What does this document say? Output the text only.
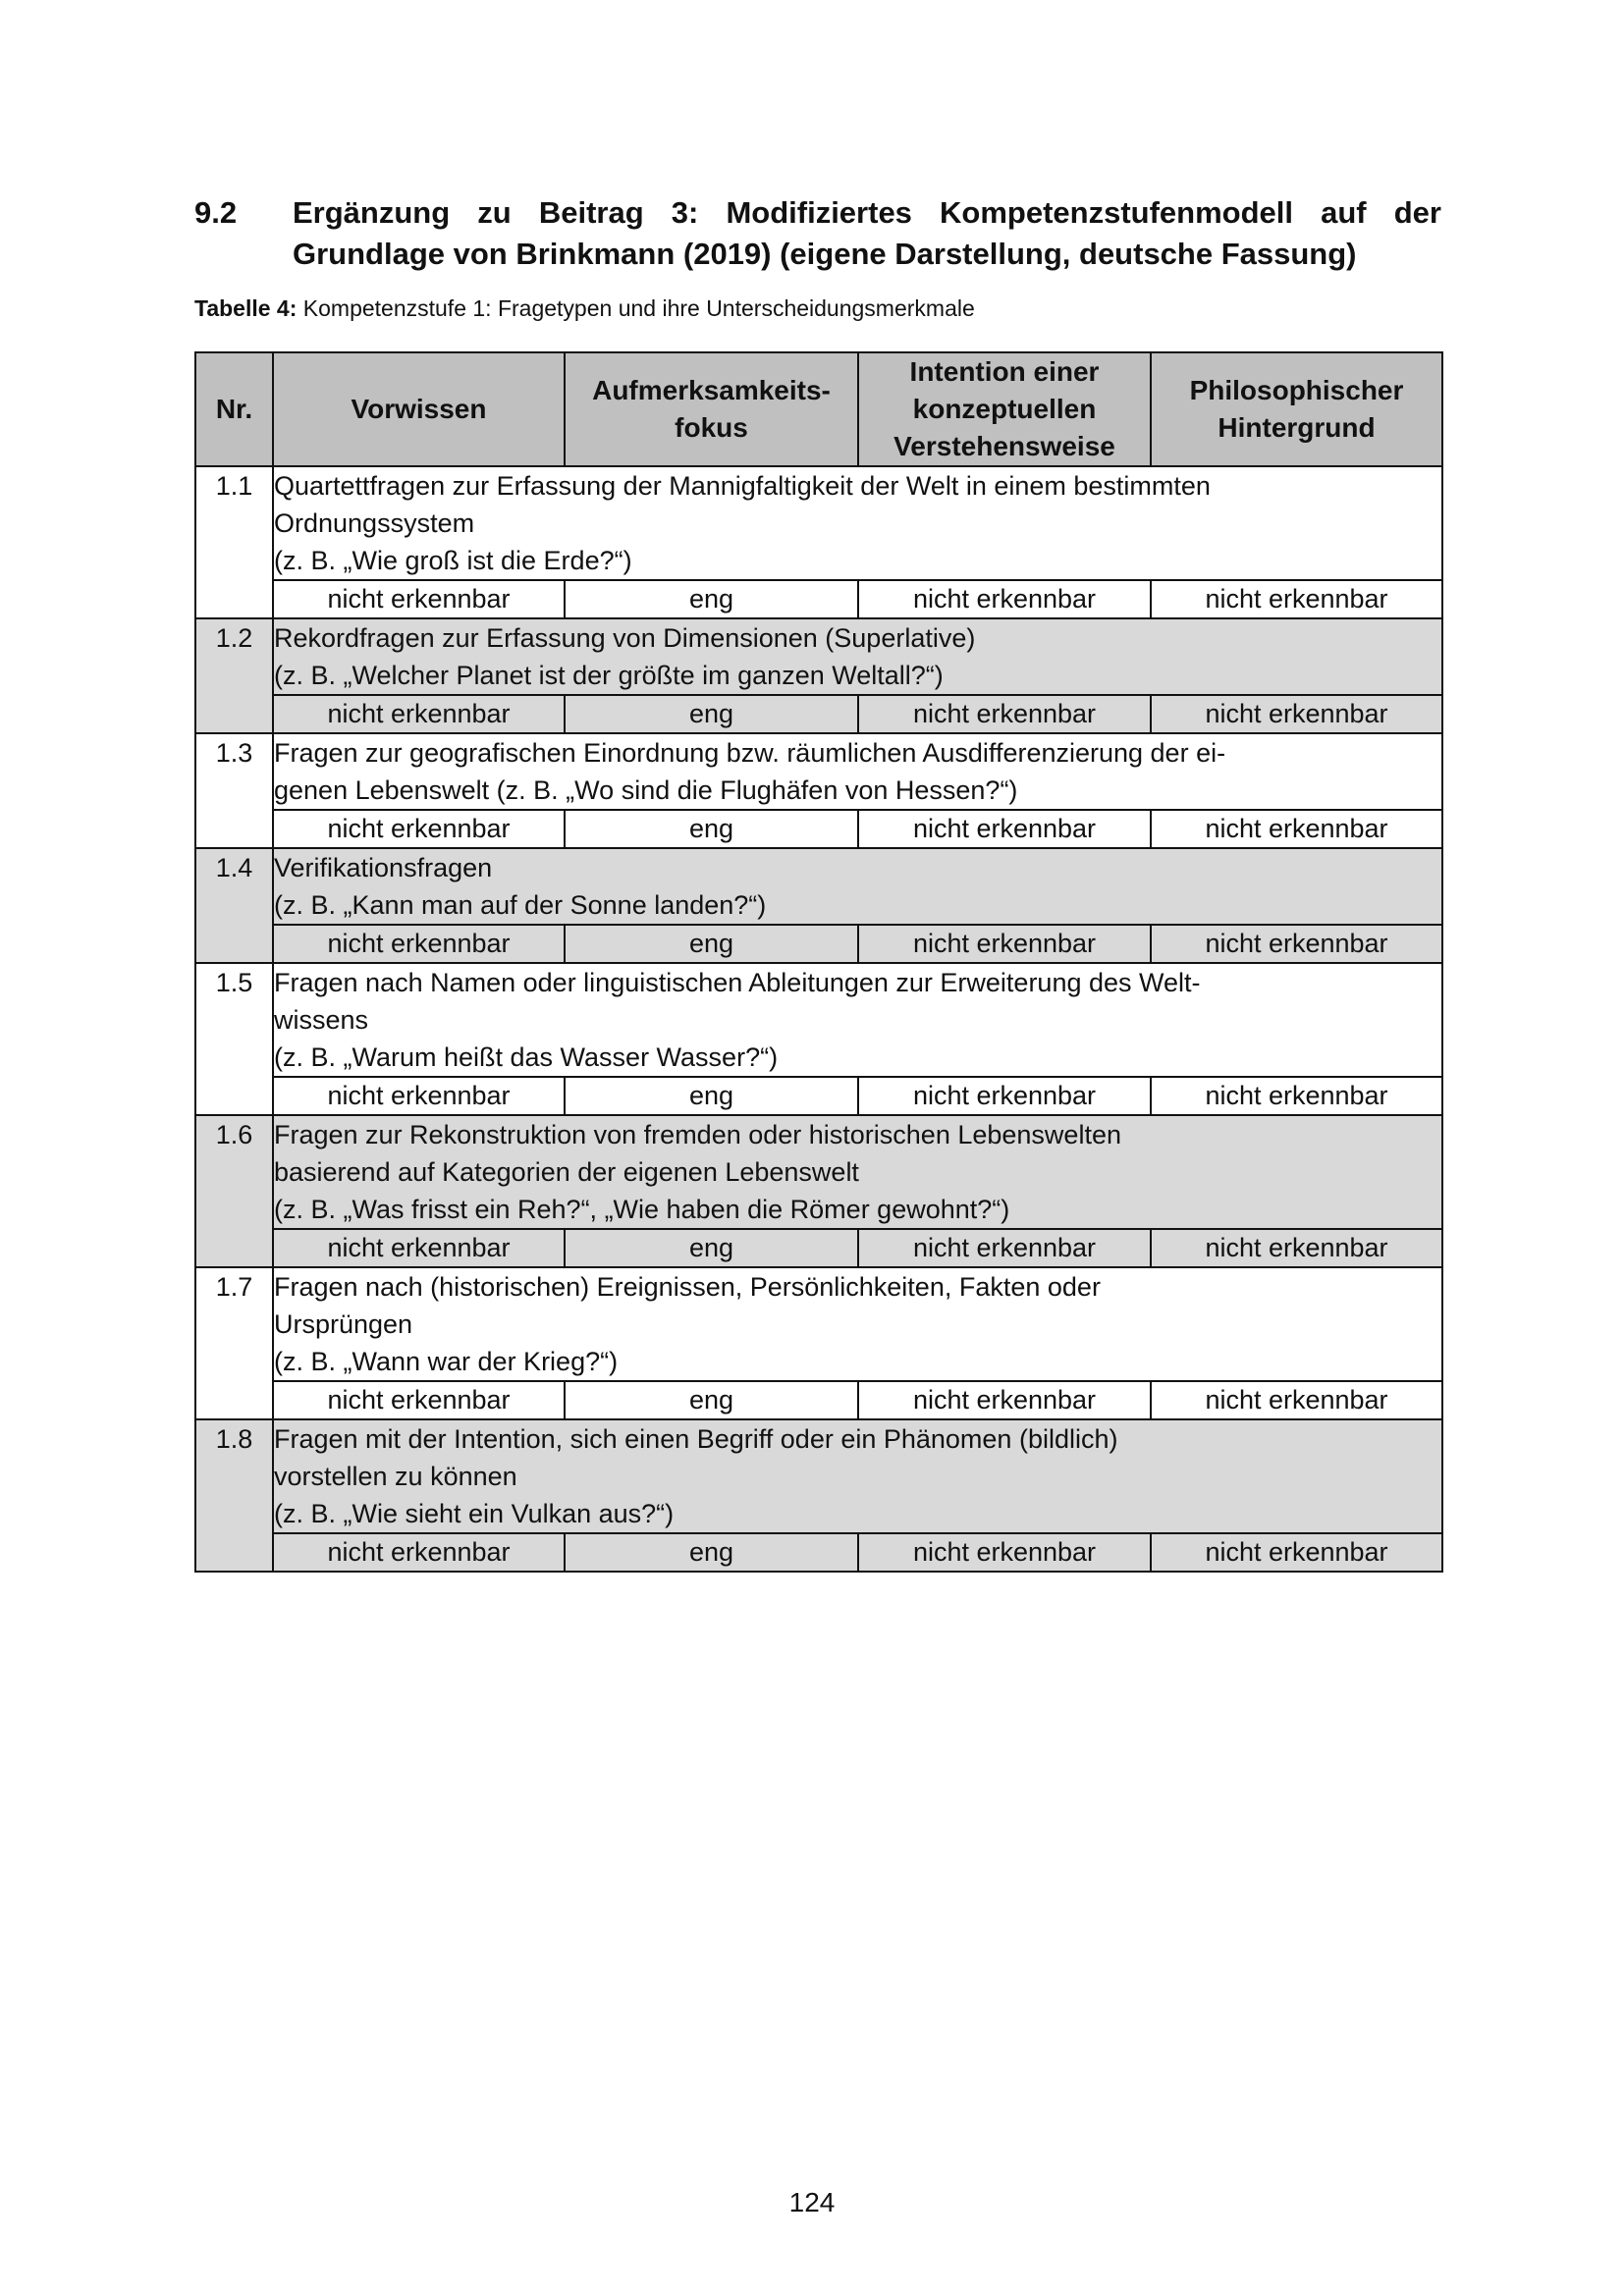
9.2 Ergänzung zu Beitrag 3: Modifiziertes Kompetenzstufenmodell auf der Grundlage von Brinkmann (2019) (eigene Darstellung, deutsche Fassung)
Tabelle 4: Kompetenzstufe 1: Fragetypen und ihre Unterscheidungsmerkmale
Nr.	Vorwissen	Aufmerksamkeits-fokus	Intention einer konzeptuellen Verstehensweise	Philosophischer Hintergrund
1.1	Quartettfragen zur Erfassung der Mannigfaltigkeit der Welt in einem bestimmten
Ordnungssystem
(z. B. „Wie groß ist die Erde?“)			

	nicht erkennbar	eng	nicht erkennbar	nicht erkennbar
1.2	Rekordfragen zur Erfassung von Dimensionen (Superlative)
(z. B. „Welcher Planet ist der größte im ganzen Weltall?“)			

	nicht erkennbar	eng	nicht erkennbar	nicht erkennbar
1.3	Fragen zur geografischen Einordnung bzw. räumlichen Ausdifferenzierung der ei-
genen Lebenswelt (z. B. „Wo sind die Flughäfen von Hessen?“)			

	nicht erkennbar	eng	nicht erkennbar	nicht erkennbar
1.4	Verifikationsfragen
(z. B. „Kann man auf der Sonne landen?“)			

	nicht erkennbar	eng	nicht erkennbar	nicht erkennbar
1.5	Fragen nach Namen oder linguistischen Ableitungen zur Erweiterung des Welt-
wissens
(z. B. „Warum heißt das Wasser Wasser?“)			

	nicht erkennbar	eng	nicht erkennbar	nicht erkennbar
1.6	Fragen zur Rekonstruktion von fremden oder historischen Lebenswelten
basierend auf Kategorien der eigenen Lebenswelt
(z. B. „Was frisst ein Reh?“, „Wie haben die Römer gewohnt?“)			

	nicht erkennbar	eng	nicht erkennbar	nicht erkennbar
1.7	Fragen nach (historischen) Ereignissen, Persönlichkeiten, Fakten oder
Ursprüngen
(z. B. „Wann war der Krieg?“)			

	nicht erkennbar	eng	nicht erkennbar	nicht erkennbar
1.8	Fragen mit der Intention, sich einen Begriff oder ein Phänomen (bildlich)
vorstellen zu können
(z. B. „Wie sieht ein Vulkan aus?“)			

	nicht erkennbar	eng	nicht erkennbar	nicht erkennbar
124
